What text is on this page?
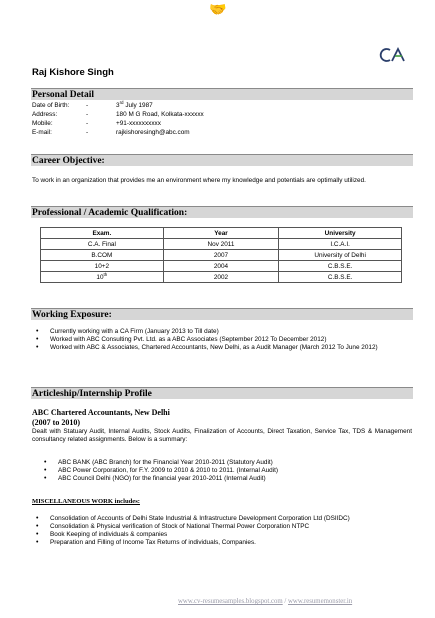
🤝
Raj Kishore Singh
Personal Detail
Date of Birth:	-	3rd July 1987
Address:	-	180 M G Road, Kolkata-xxxxxx
Mobile:	-	+91-xxxxxxxxxx
E-mail:	-	rajkishoresingh@abc.com
Career Objective:
To work in an organization that provides me an environment where my knowledge and potentials are optimally utilized.
Professional / Academic Qualification:
Exam.	Year	University
C.A. Final	Nov 2011	I.C.A.I.
B.COM	2007	University of Delhi
10+2	2004	C.B.S.E.
10th	2002	C.B.S.E.
Working Exposure:
• Currently working with a CA Firm (January 2013 to Till date)
• Worked with ABC Consulting Pvt. Ltd. as a ABC Associates (September 2012 To December 2012)
• Worked with ABC & Associates, Chartered Accountants, New Delhi, as a Audit Manager (March 2012 To June 2012)
Articleship/Internship Profile
ABC Chartered Accountants, New Delhi
(2007 to 2010)
Dealt with Statuary Audit, Internal Audits, Stock Audits, Finalization of Accounts, Direct Taxation, Service Tax, TDS & Management consultancy related assignments. Below is a summary:
• ABC BANK (ABC Branch) for the Financial Year 2010-2011 (Statutory Audit)
• ABC Power Corporation, for F.Y. 2009 to 2010 & 2010 to 2011. (Internal Audit)
• ABC Council Delhi (NGO) for the financial year 2010-2011 (Internal Audit)
MISCELLANEOUS WORK includes:
• Consolidation of Accounts of Delhi State Industrial & Infrastructure Development Corporation Ltd (DSIIDC)
• Consolidation & Physical verification of Stock of National Thermal Power Corporation NTPC
• Book Keeping of individuals & companies
• Preparation and Filling of Income Tax Returns of individuals, Companies.
www.cv-resumesamples.blogspot.com / www.resumemonster.in
